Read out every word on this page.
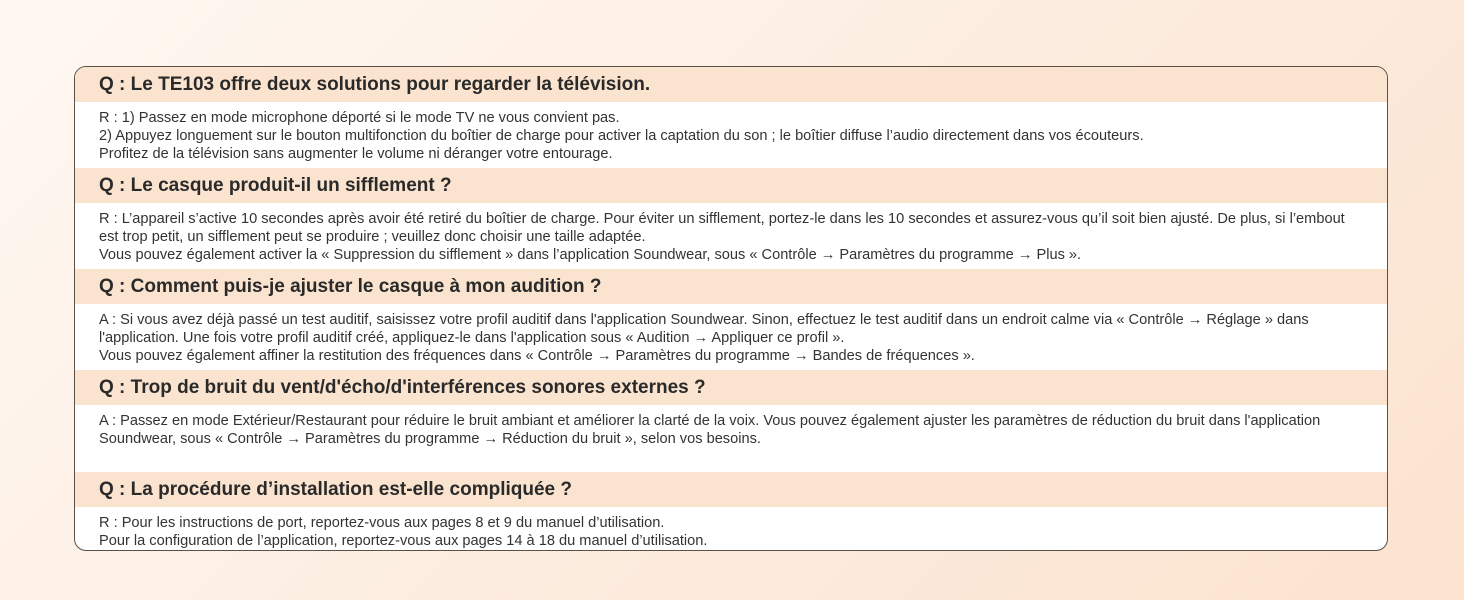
Q : Le TE103 offre deux solutions pour regarder la télévision.

R : 1) Passez en mode microphone déporté si le mode TV ne vous convient pas.

2) Appuyez longuement sur le bouton multifonction du boîtier de charge pour activer la captation du son ; le boîtier diffuse l’audio directement dans vos écouteurs.

Profitez de la télévision sans augmenter le volume ni déranger votre entourage.

Q : Le casque produit-il un sifflement ?

R : L’appareil s’active 10 secondes après avoir été retiré du boîtier de charge. Pour éviter un sifflement, portez-le dans les 10 secondes et assurez-vous qu’il soit bien ajusté. De plus, si l’embout est trop petit, un sifflement peut se produire ; veuillez donc choisir une taille adaptée.

Vous pouvez également activer la « Suppression du sifflement » dans l’application Soundwear, sous « Contrôle → Paramètres du programme → Plus ».

Q : Comment puis-je ajuster le casque à mon audition ?

A : Si vous avez déjà passé un test auditif, saisissez votre profil auditif dans l'application Soundwear. Sinon, effectuez le test auditif dans un endroit calme via « Contrôle → Réglage » dans l'application. Une fois votre profil auditif créé, appliquez-le dans l'application sous « Audition → Appliquer ce profil ».

Vous pouvez également affiner la restitution des fréquences dans « Contrôle → Paramètres du programme → Bandes de fréquences ».

Q : Trop de bruit du vent/d'écho/d'interférences sonores externes ?

A : Passez en mode Extérieur/Restaurant pour réduire le bruit ambiant et améliorer la clarté de la voix. Vous pouvez également ajuster les paramètres de réduction du bruit dans l'application Soundwear, sous « Contrôle → Paramètres du programme → Réduction du bruit », selon vos besoins.

Q : La procédure d’installation est-elle compliquée ?

R : Pour les instructions de port, reportez-vous aux pages 8 et 9 du manuel d’utilisation.

Pour la configuration de l’application, reportez-vous aux pages 14 à 18 du manuel d’utilisation.
